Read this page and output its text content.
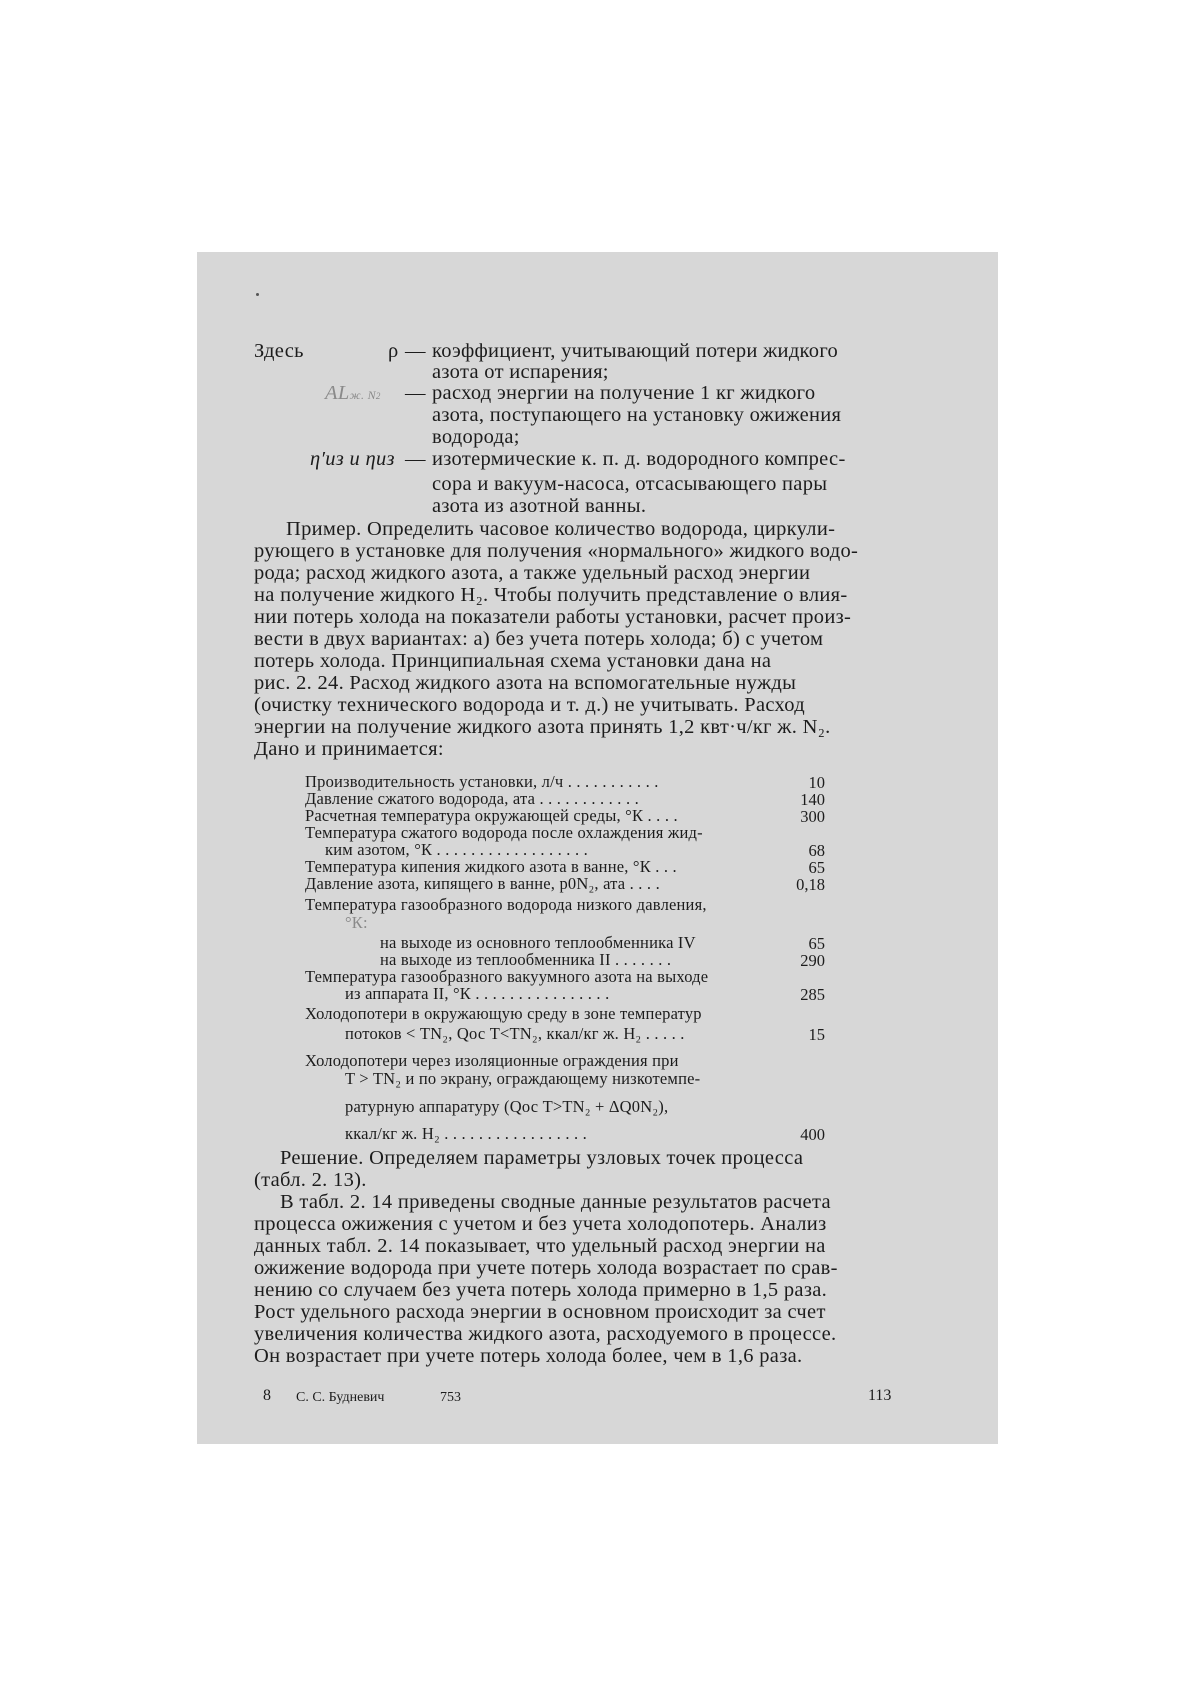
Здесь	ρ — коэффициент, учитывающий потери жидкого
азота от испарения;
ALж. N2 — расход энергии на получение 1 кг жидкого
азота, поступающего на установку ожижения
водорода;
η′из и ηиз — изотермические к. п. д. водородного компрес-
сора и вакуум-насоса, отсасывающего пары
азота из азотной ванны.
Пример. Определить часовое количество водорода, циркули-
рующего в установке для получения «нормального» жидкого водо-
рода; расход жидкого азота, а также удельный расход энергии
на получение жидкого H₂. Чтобы получить представление о влия-
нии потерь холода на показатели работы установки, расчет произ-
вести в двух вариантах: а) без учета потерь холода; б) с учетом
потерь холода. Принципиальная схема установки дана на
рис. 2. 24. Расход жидкого азота на вспомогательные нужды
(очистку технического водорода и т. д.) не учитывать. Расход
энергии на получение жидкого азота принять 1,2 квт·ч/кг ж. N₂.
Дано и принимается:
Производительность установки, л/ч . . . . . . . . . . .	10
Давление сжатого водорода, ата . . . . . . . . . . . .	140
Расчетная температура окружающей среды, °К . . . .	300
Температура сжатого водорода после охлаждения жид-
ким азотом, °К . . . . . . . . . . . . . . . . . .	68
Температура кипения жидкого азота в ванне, °К . . .	65
Давление азота, кипящего в ванне, p0N₂, ата . . . .	0,18
Температура газообразного водорода низкого давления,
°К:
на выходе из основного теплообменника IV	65
на выходе из теплообменника II . . . . . . .	290
Температура газообразного вакуумного азота на выходе
из аппарата II, °К . . . . . . . . . . . . . . . .	285
Холодопотери в окружающую среду в зоне температур
потоков < TN₂, Qос T<TN₂, ккал/кг ж. H₂ . . . . .	15
Холодопотери через изоляционные ограждения при
T > TN₂ и по экрану, ограждающему низкотемпе-
ратурную аппаратуру (Qос T>TN₂ + ΔQ0N₂),
ккал/кг ж. H₂ . . . . . . . . . . . . . . . . .	400
Решение. Определяем параметры узловых точек процесса
(табл. 2. 13).
В табл. 2. 14 приведены сводные данные результатов расчета
процесса ожижения с учетом и без учета холодопотерь. Анализ
данных табл. 2. 14 показывает, что удельный расход энергии на
ожижение водорода при учете потерь холода возрастает по срав-
нению со случаем без учета потерь холода примерно в 1,5 раза.
Рост удельного расхода энергии в основном происходит за счет
увеличения количества жидкого азота, расходуемого в процессе.
Он возрастает при учете потерь холода более, чем в 1,6 раза.
8 С. С. Будневич	753	113
